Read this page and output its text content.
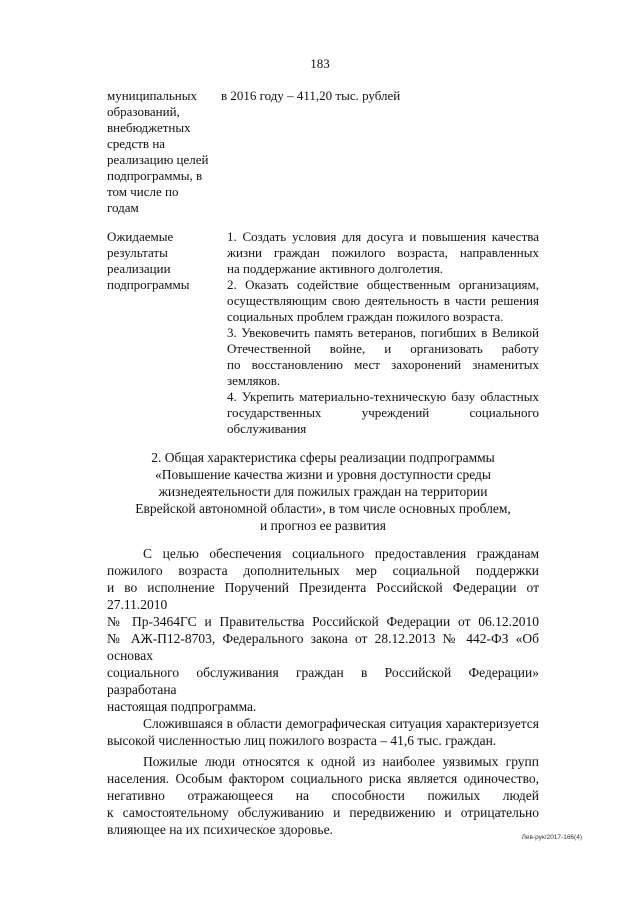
183
муниципальных
образований,
внебюджетных
средств на
реализацию целей
подпрограммы, в
том числе по
годам
в 2016 году – 411,20 тыс. рублей
Ожидаемые
результаты
реализации
подпрограммы
1. Создать условия для досуга и повышения качества
жизни граждан пожилого возраста, направленных
на поддержание активного долголетия.
2. Оказать содействие общественным организациям,
осуществляющим свою деятельность в части решения
социальных проблем граждан пожилого возраста.
3. Увековечить память ветеранов, погибших в Великой
Отечественной войне, и организовать работу
по восстановлению мест захоронений знаменитых
земляков.
4. Укрепить материально-техническую базу областных
государственных учреждений социального обслуживания
2. Общая характеристика сферы реализации подпрограммы
«Повышение качества жизни и уровня доступности среды
жизнедеятельности для пожилых граждан на территории
Еврейской автономной области», в том числе основных проблем,
и прогноз ее развития
С целью обеспечения социального предоставления гражданам
пожилого возраста дополнительных мер социальной поддержки
и во исполнение Поручений Президента Российской Федерации от 27.11.2010
№ Пр-3464ГС и Правительства Российской Федерации от 06.12.2010
№ АЖ-П12-8703, Федерального закона от 28.12.2013 № 442-ФЗ «Об основах
социального обслуживания граждан в Российской Федерации» разработана
настоящая подпрограмма.
Сложившаяся в области демографическая ситуация характеризуется
высокой численностью лиц пожилого возраста – 41,6 тыс. граждан.
Пожилые люди относятся к одной из наиболее уязвимых групп
населения. Особым фактором социального риска является одиночество,
негативно отражающееся на способности пожилых людей
к самостоятельному обслуживанию и передвижению и отрицательно
влияющее на их психическое здоровье.
Лев-рук/2017-166(4)
